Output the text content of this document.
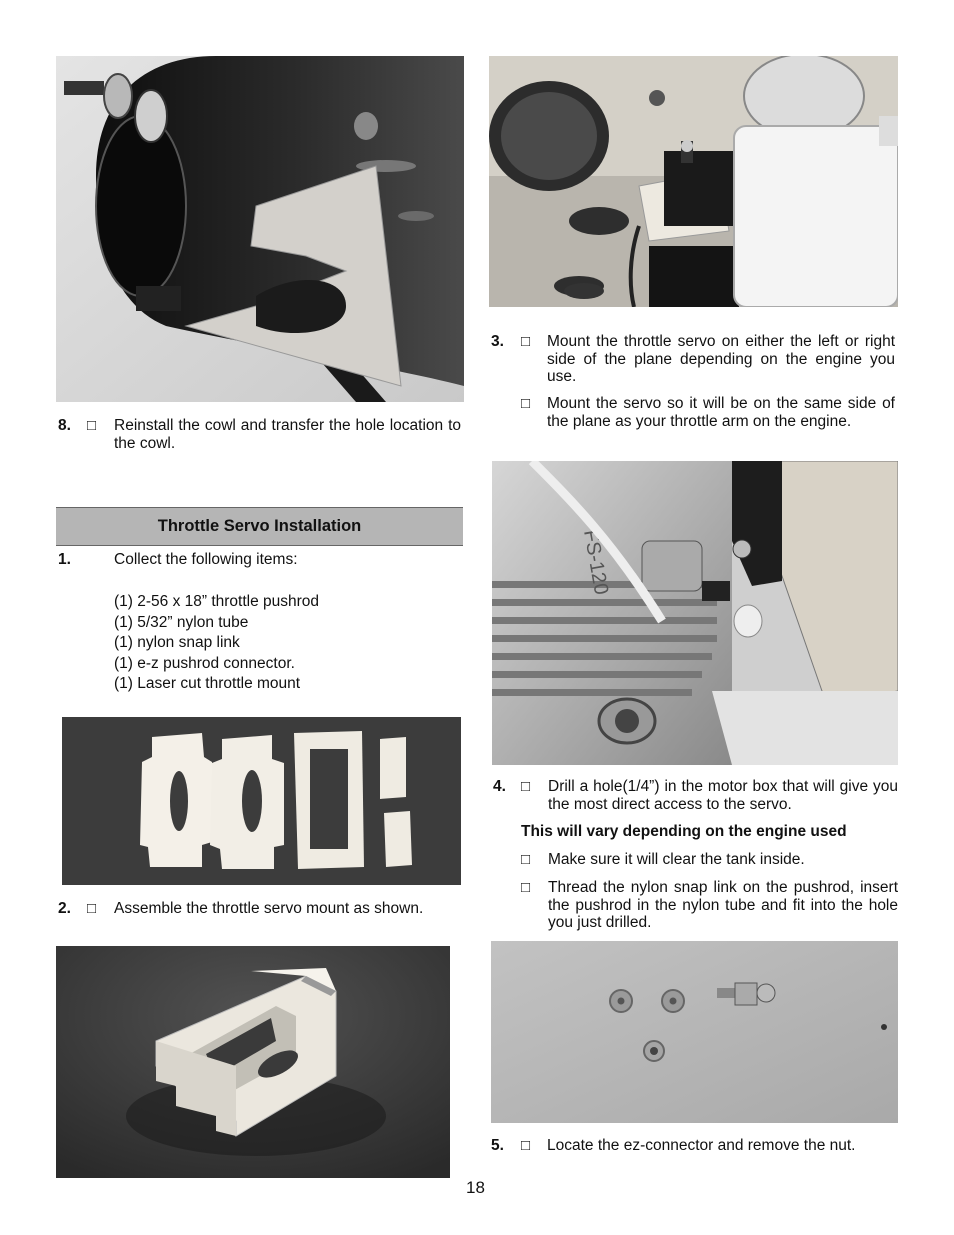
8. □ Reinstall the cowl and transfer the hole location to the cowl.
Throttle Servo Installation
1.	Collect the following items:
(1) 2-56 x 18” throttle pushrod
(1) 5/32” nylon tube
(1) nylon snap link
(1) e-z pushrod connector.
(1) Laser cut throttle mount
2. □ Assemble the throttle servo mount as shown.
3. □ Mount the throttle servo on either the left or right side of the plane depending on the engine you use.
□ Mount the servo so it will be on the same side of the plane as your throttle arm on the engine.
FS-120
4. □ Drill a hole(1/4”) in the motor box that will give you the most direct access to the servo.
This will vary depending on the engine used
□ Make sure it will clear the tank inside.
□ Thread the nylon snap link on the pushrod, insert the pushrod in the nylon tube and fit into the hole you just drilled.
5. □ Locate the ez-connector and remove the nut.
18
